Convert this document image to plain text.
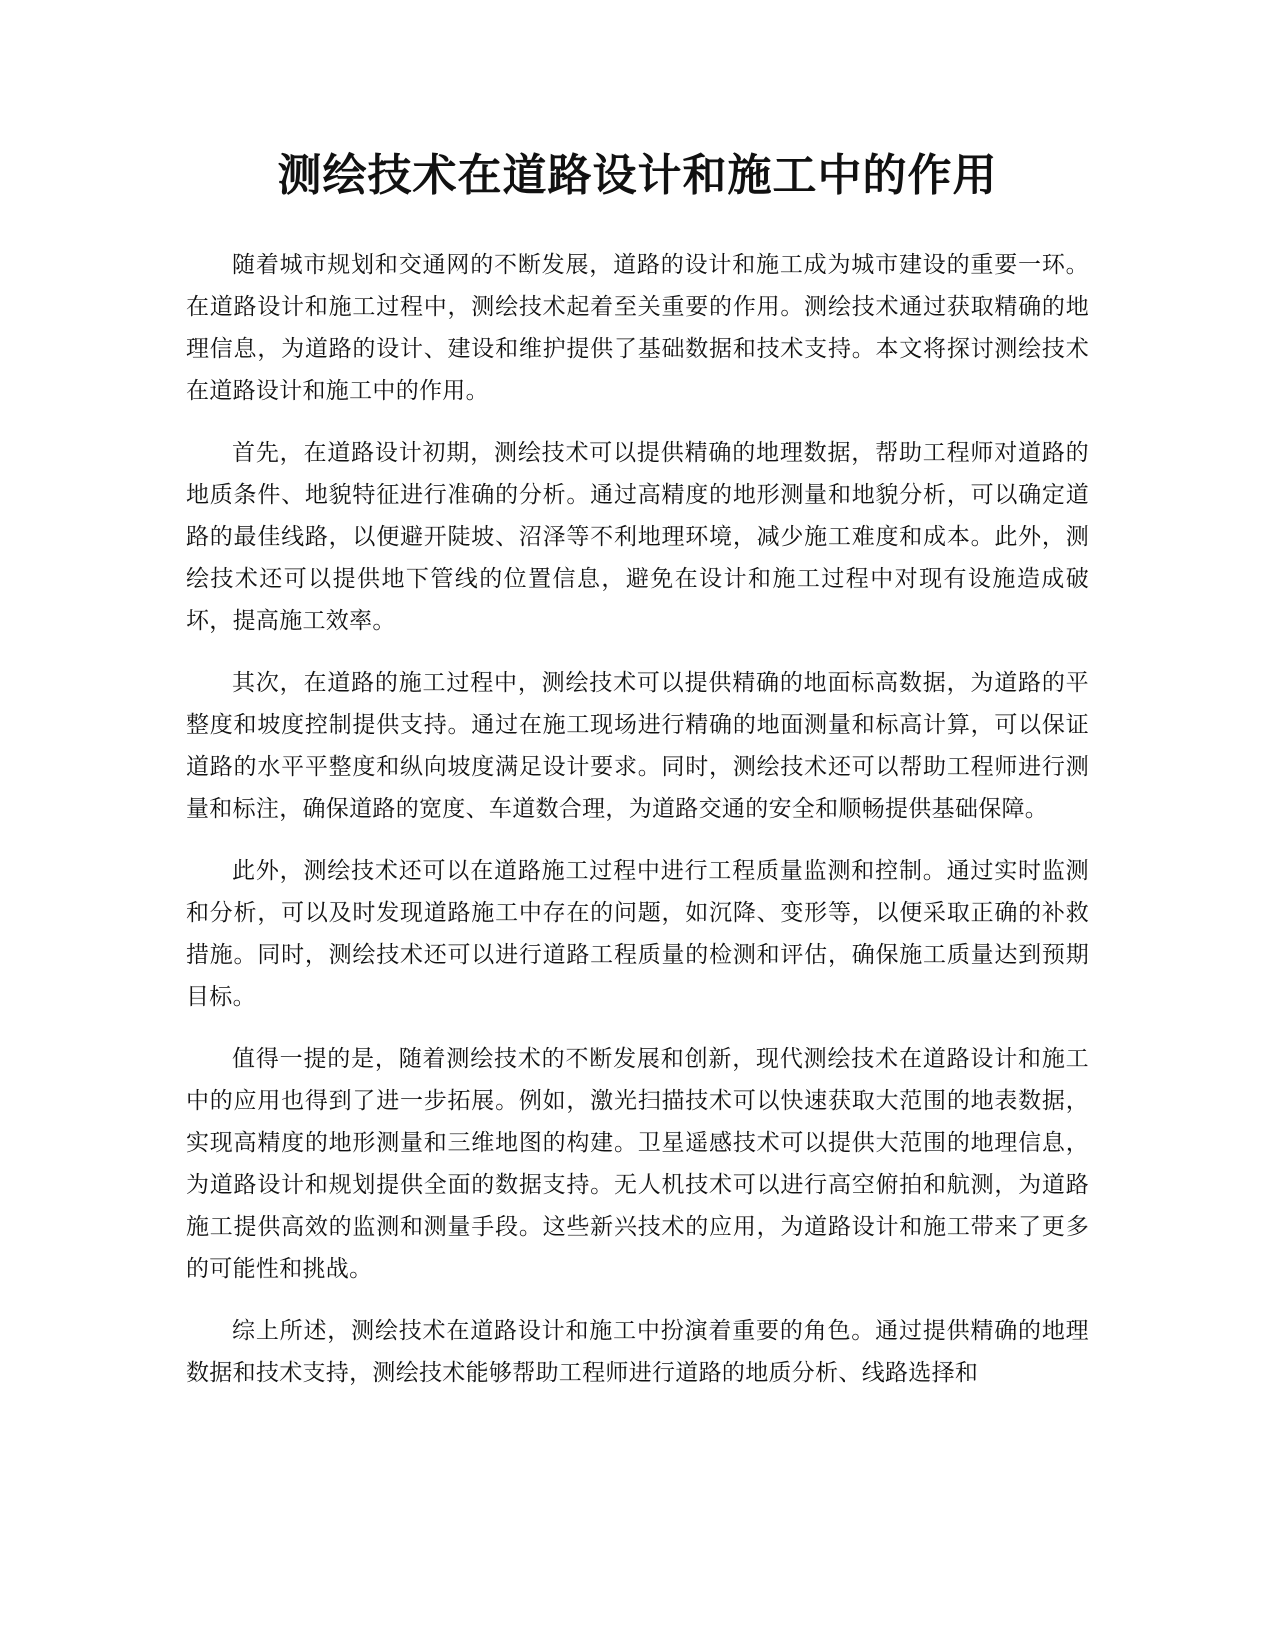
测绘技术在道路设计和施工中的作用

随着城市规划和交通网的不断发展，道路的设计和施工成为城市建设的重要一环。在道路设计和施工过程中，测绘技术起着至关重要的作用。测绘技术通过获取精确的地理信息，为道路的设计、建设和维护提供了基础数据和技术支持。本文将探讨测绘技术在道路设计和施工中的作用。

首先，在道路设计初期，测绘技术可以提供精确的地理数据，帮助工程师对道路的地质条件、地貌特征进行准确的分析。通过高精度的地形测量和地貌分析，可以确定道路的最佳线路，以便避开陡坡、沼泽等不利地理环境，减少施工难度和成本。此外，测绘技术还可以提供地下管线的位置信息，避免在设计和施工过程中对现有设施造成破坏，提高施工效率。

其次，在道路的施工过程中，测绘技术可以提供精确的地面标高数据，为道路的平整度和坡度控制提供支持。通过在施工现场进行精确的地面测量和标高计算，可以保证道路的水平平整度和纵向坡度满足设计要求。同时，测绘技术还可以帮助工程师进行测量和标注，确保道路的宽度、车道数合理，为道路交通的安全和顺畅提供基础保障。

此外，测绘技术还可以在道路施工过程中进行工程质量监测和控制。通过实时监测和分析，可以及时发现道路施工中存在的问题，如沉降、变形等，以便采取正确的补救措施。同时，测绘技术还可以进行道路工程质量的检测和评估，确保施工质量达到预期目标。

值得一提的是，随着测绘技术的不断发展和创新，现代测绘技术在道路设计和施工中的应用也得到了进一步拓展。例如，激光扫描技术可以快速获取大范围的地表数据，实现高精度的地形测量和三维地图的构建。卫星遥感技术可以提供大范围的地理信息，为道路设计和规划提供全面的数据支持。无人机技术可以进行高空俯拍和航测，为道路施工提供高效的监测和测量手段。这些新兴技术的应用，为道路设计和施工带来了更多的可能性和挑战。

综上所述，测绘技术在道路设计和施工中扮演着重要的角色。通过提供精确的地理数据和技术支持，测绘技术能够帮助工程师进行道路的地质分析、线路选择和
